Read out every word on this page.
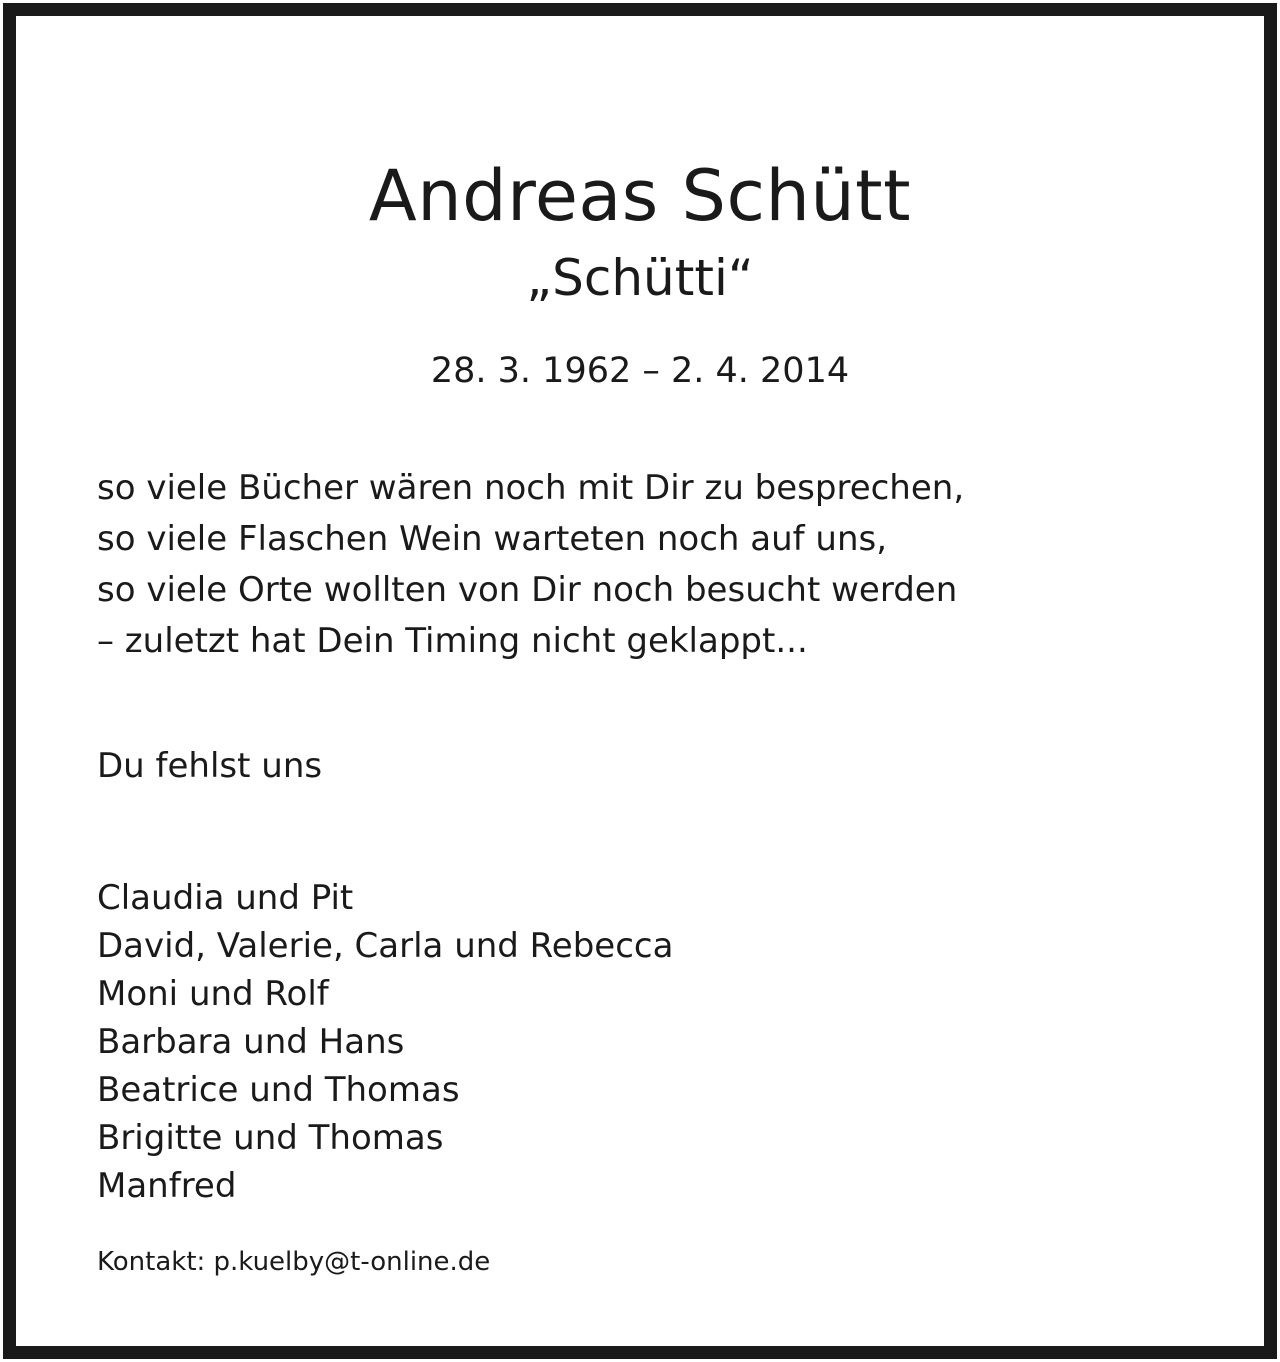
Andreas Schütt
„Schütti“
28. 3. 1962 – 2. 4. 2014
so viele Bücher wären noch mit Dir zu besprechen,
so viele Flaschen Wein warteten noch auf uns,
so viele Orte wollten von Dir noch besucht werden
– zuletzt hat Dein Timing nicht geklappt...
Du fehlst uns
Claudia und Pit
David, Valerie, Carla und Rebecca
Moni und Rolf
Barbara und Hans
Beatrice und Thomas
Brigitte und Thomas
Manfred
Kontakt: p.kuelby@t-online.de
